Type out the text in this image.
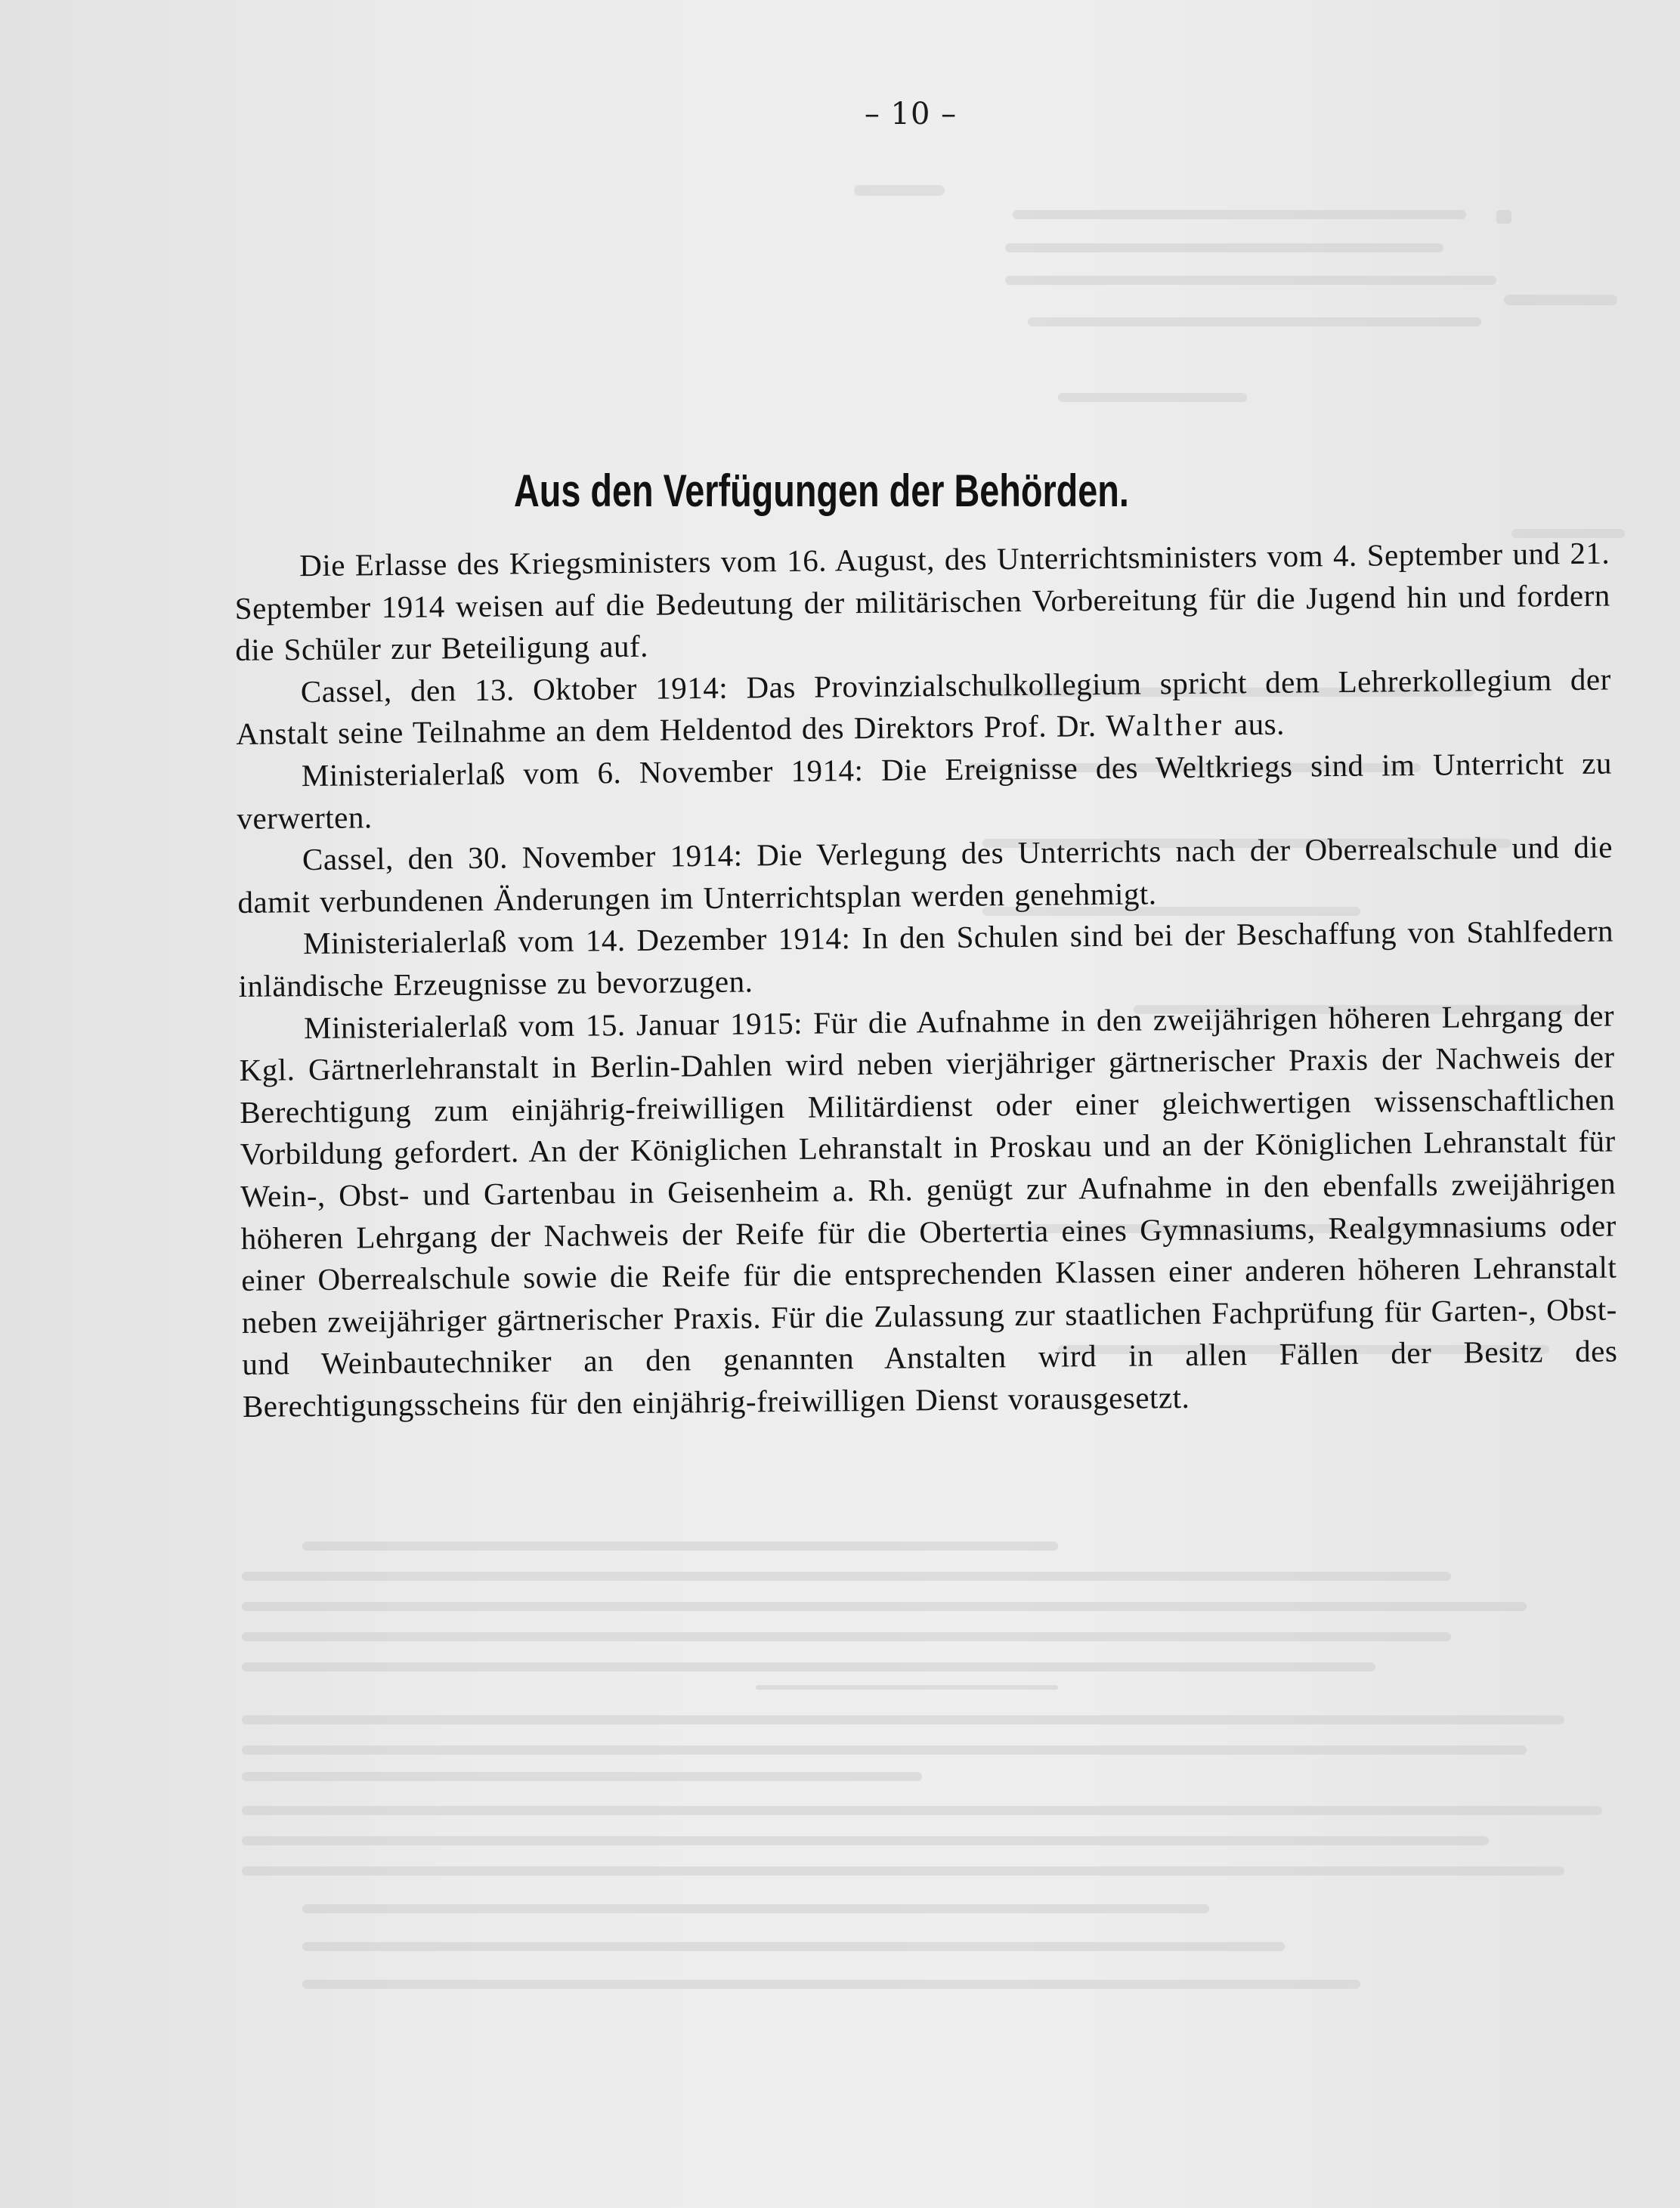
– 10 –
Aus den Verfügungen der Behörden.

Die Erlasse des Kriegsministers vom 16. August, des Unterrichtsministers vom 4. September und 21. September 1914 weisen auf die Bedeutung der militärischen Vorbereitung für die Jugend hin und fordern die Schüler zur Beteiligung auf.

Cassel, den 13. Oktober 1914: Das Provinzialschulkollegium spricht dem Lehrerkollegium der Anstalt seine Teilnahme an dem Heldentod des Direktors Prof. Dr. Walther aus.

Ministerialerlaß vom 6. November 1914: Die Ereignisse des Weltkriegs sind im Unterricht zu verwerten.

Cassel, den 30. November 1914: Die Verlegung des Unterrichts nach der Oberrealschule und die damit verbundenen Änderungen im Unterrichtsplan werden genehmigt.

Ministerialerlaß vom 14. Dezember 1914: In den Schulen sind bei der Beschaffung von Stahlfedern inländische Erzeugnisse zu bevorzugen.

Ministerialerlaß vom 15. Januar 1915: Für die Aufnahme in den zweijährigen höheren Lehrgang der Kgl. Gärtnerlehranstalt in Berlin-Dahlen wird neben vierjähriger gärtnerischer Praxis der Nachweis der Berechtigung zum einjährig-freiwilligen Militärdienst oder einer gleichwertigen wissenschaftlichen Vorbildung gefordert. An der Königlichen Lehranstalt in Proskau und an der Königlichen Lehranstalt für Wein-, Obst- und Gartenbau in Geisenheim a. Rh. genügt zur Aufnahme in den ebenfalls zweijährigen höheren Lehrgang der Nachweis der Reife für die Obertertia eines Gymnasiums, Realgymnasiums oder einer Oberrealschule sowie die Reife für die entsprechenden Klassen einer anderen höheren Lehranstalt neben zweijähriger gärtnerischer Praxis. Für die Zulassung zur staatlichen Fachprüfung für Garten-, Obst- und Weinbautechniker an den genannten Anstalten wird in allen Fällen der Besitz des Berechtigungsscheins für den einjährig-freiwilligen Dienst vorausgesetzt.
